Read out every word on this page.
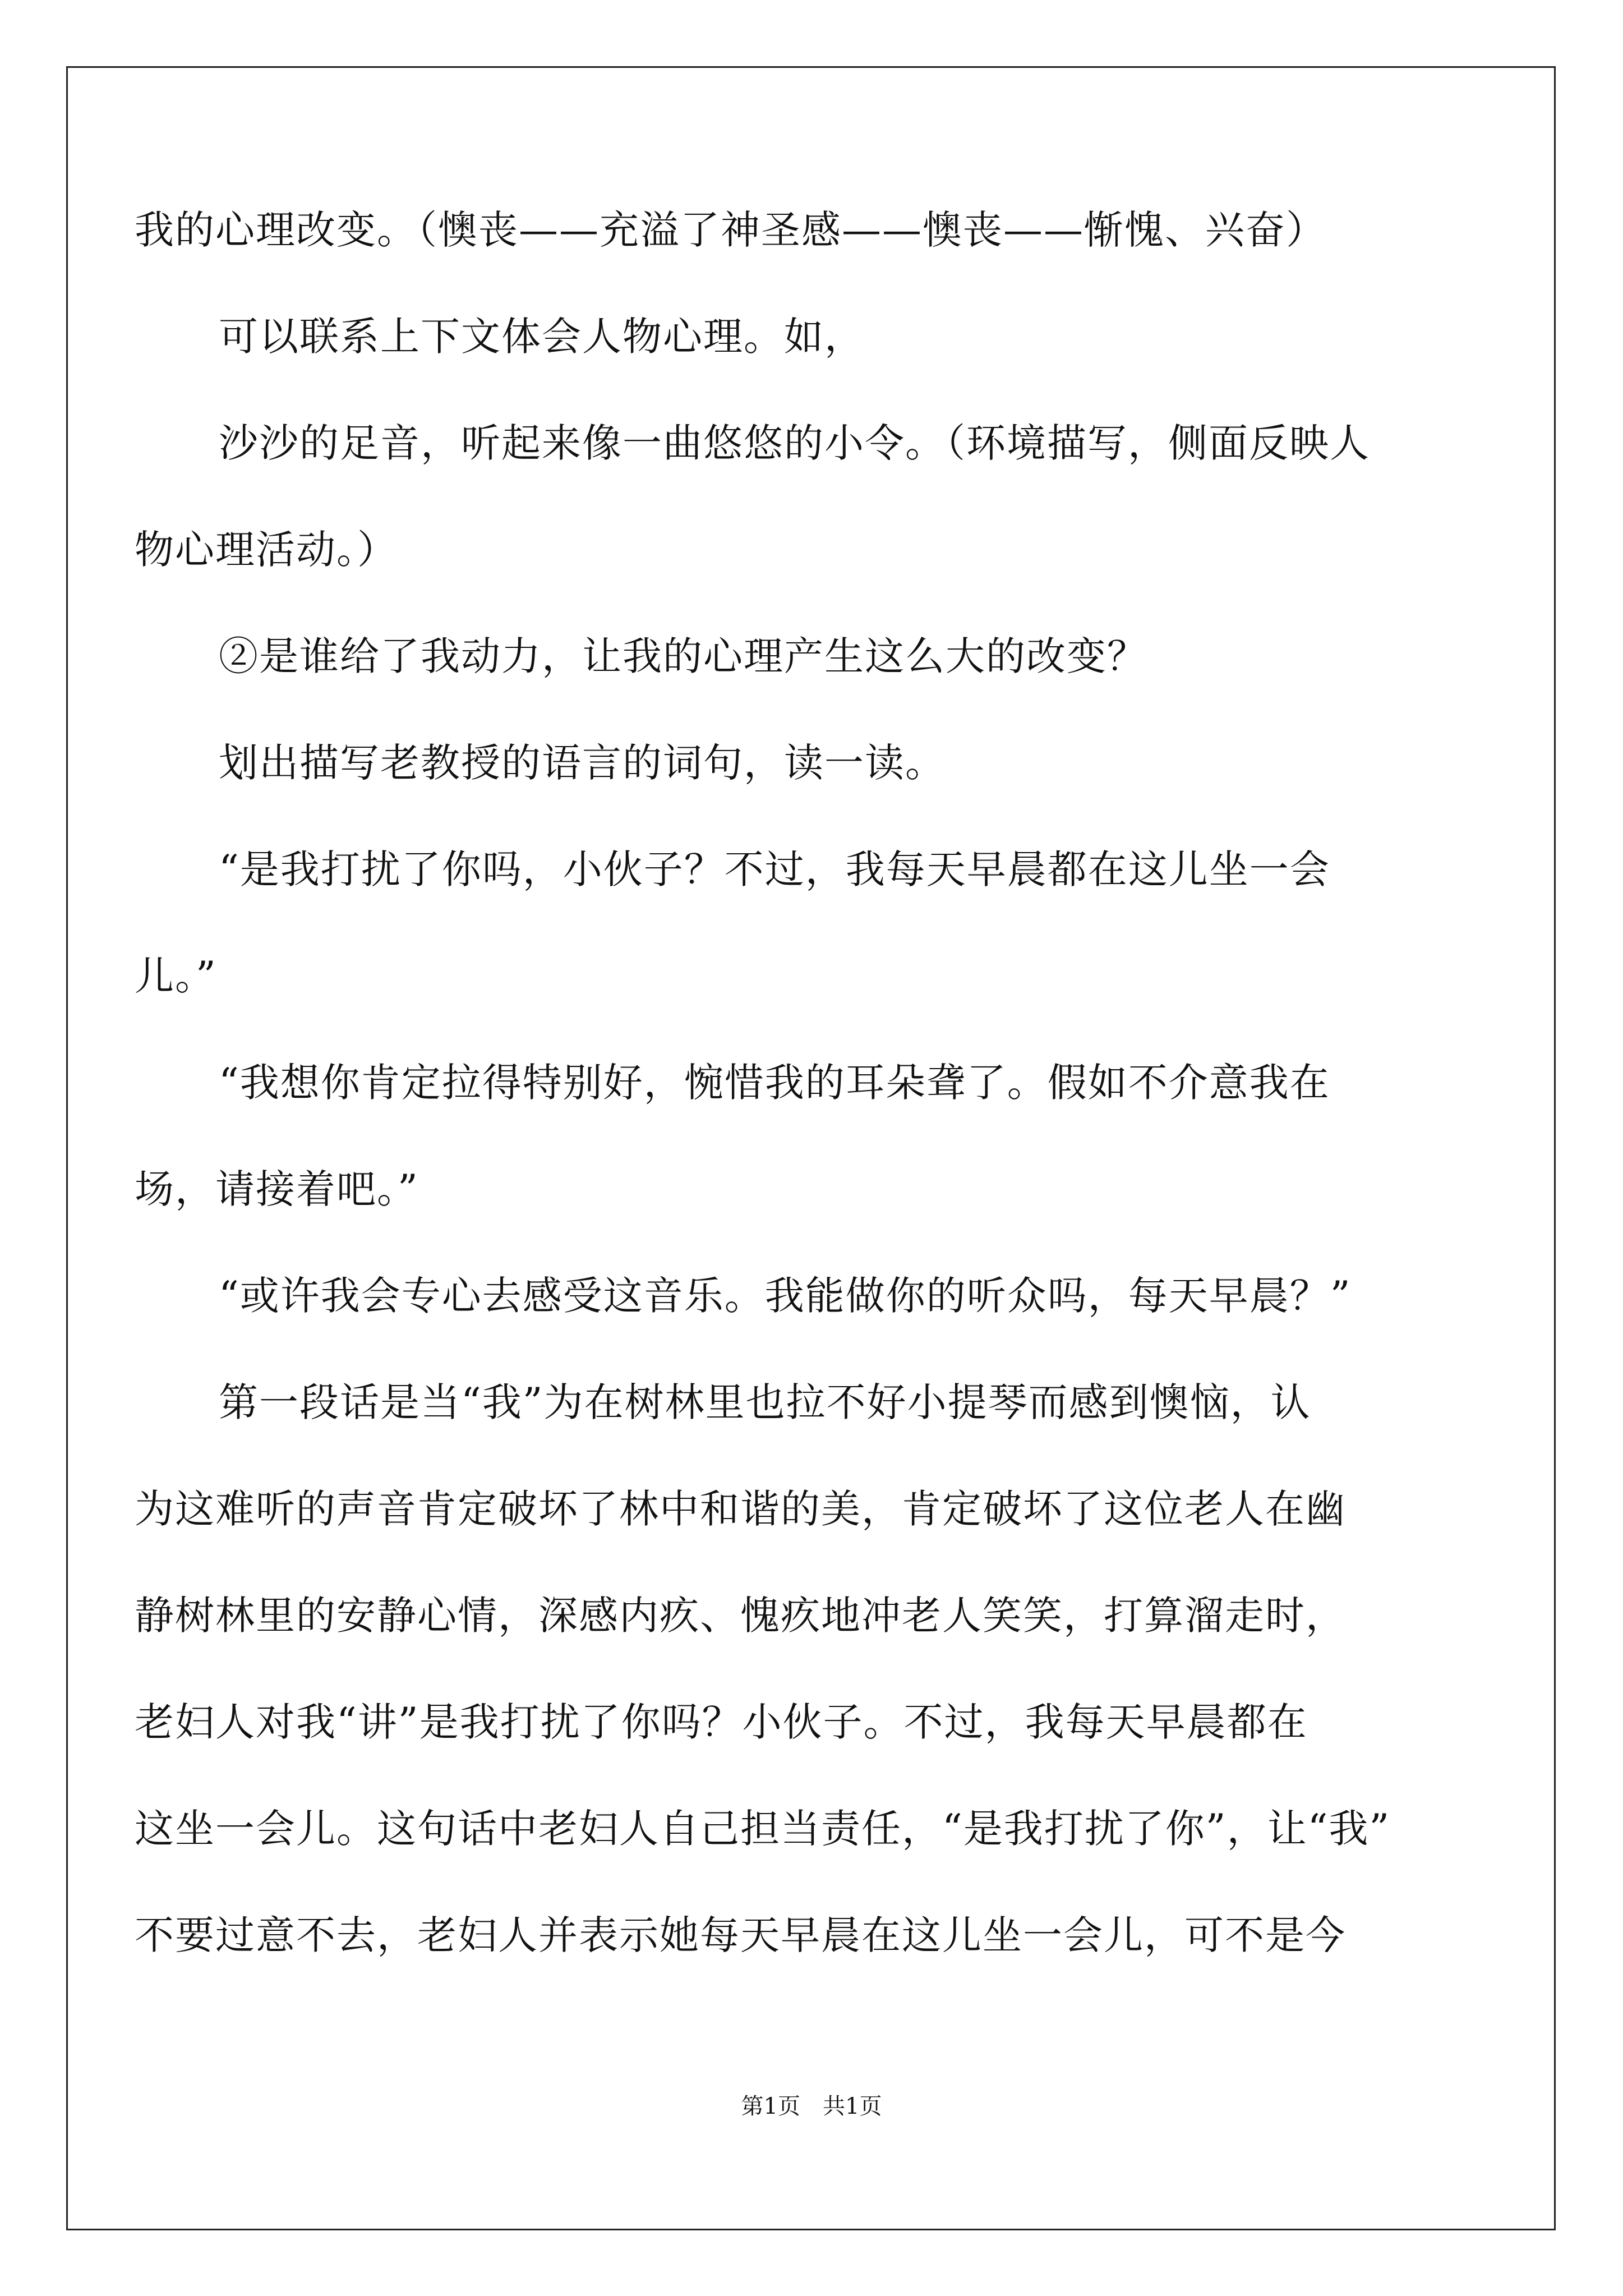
我的心理改变。（懊丧——充溢了神圣感——懊丧——惭愧、兴奋）
可以联系上下文体会人物心理。如，
沙沙的足音，听起来像一曲悠悠的小令。（环境描写，侧面反映人
物心理活动。）
②是谁给了我动力，让我的心理产生这么大的改变？
划出描写老教授的语言的词句，读一读。
“是我打扰了你吗，小伙子？不过，我每天早晨都在这儿坐一会
儿。”
“我想你肯定拉得特别好，惋惜我的耳朵聋了。假如不介意我在
场，请接着吧。”
“或许我会专心去感受这音乐。我能做你的听众吗，每天早晨？”
第一段话是当“我”为在树林里也拉不好小提琴而感到懊恼，认
为这难听的声音肯定破坏了林中和谐的美，肯定破坏了这位老人在幽
静树林里的安静心情，深感内疚、愧疚地冲老人笑笑，打算溜走时，
老妇人对我“讲”是我打扰了你吗？小伙子。不过，我每天早晨都在
这坐一会儿。这句话中老妇人自己担当责任，“是我打扰了你”，让“我”
不要过意不去，老妇人并表示她每天早晨在这儿坐一会儿，可不是今
第1页　共1页
